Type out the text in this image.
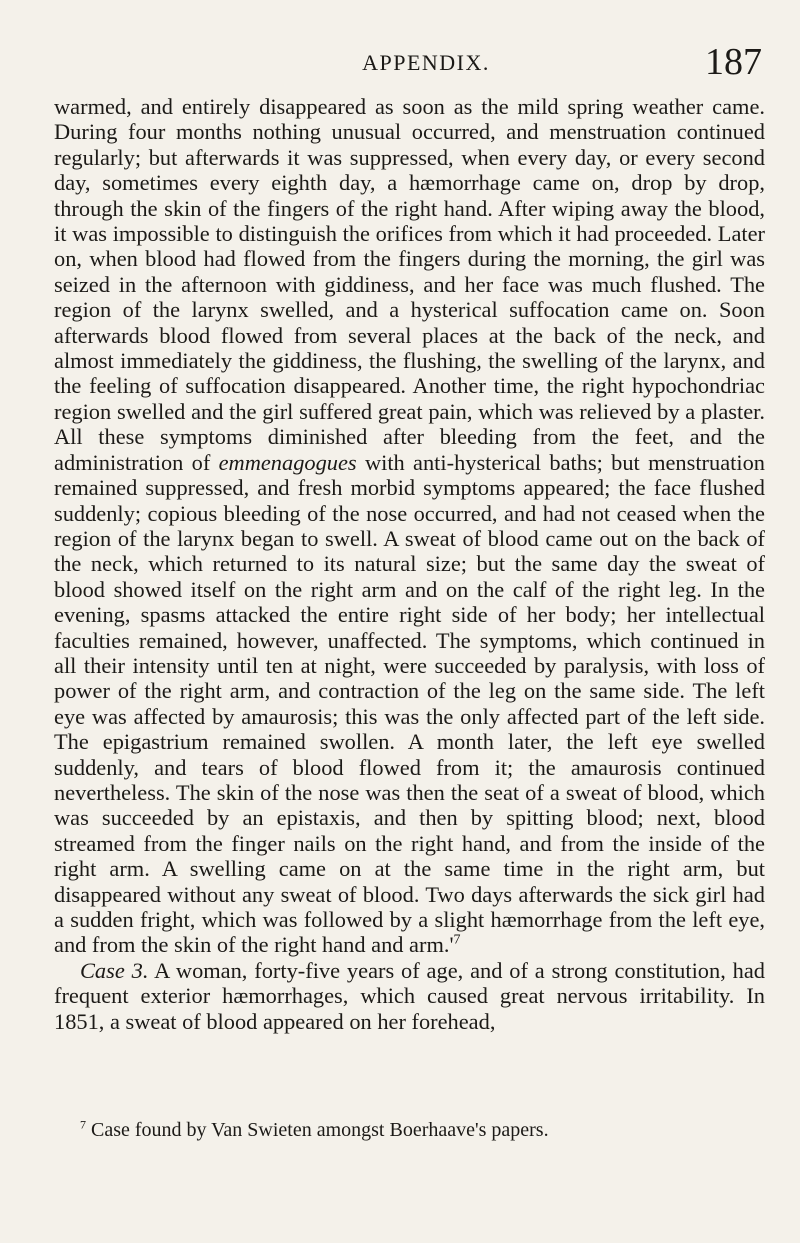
APPENDIX.	187

warmed, and entirely disappeared as soon as the mild spring weather came. During four months nothing unusual occurred, and menstruation continued regularly; but afterwards it was suppressed, when every day, or every second day, sometimes every eighth day, a hæmorrhage came on, drop by drop, through the skin of the fingers of the right hand. After wiping away the blood, it was impossible to distinguish the orifices from which it had proceeded. Later on, when blood had flowed from the fingers during the morning, the girl was seized in the afternoon with giddiness, and her face was much flushed. The region of the larynx swelled, and a hysterical suffocation came on. Soon afterwards blood flowed from several places at the back of the neck, and almost immediately the giddiness, the flushing, the swelling of the larynx, and the feeling of suffocation disappeared. Another time, the right hypochondriac region swelled and the girl suffered great pain, which was relieved by a plaster. All these symptoms diminished after bleeding from the feet, and the administration of emmenagogues with anti-hysterical baths; but menstruation remained suppressed, and fresh morbid symptoms appeared; the face flushed suddenly; copious bleeding of the nose occurred, and had not ceased when the region of the larynx began to swell. A sweat of blood came out on the back of the neck, which returned to its natural size; but the same day the sweat of blood showed itself on the right arm and on the calf of the right leg. In the evening, spasms attacked the entire right side of her body; her intellectual faculties remained, however, unaffected. The symptoms, which continued in all their intensity until ten at night, were succeeded by paralysis, with loss of power of the right arm, and contraction of the leg on the same side. The left eye was affected by amaurosis; this was the only affected part of the left side. The epigastrium remained swollen. A month later, the left eye swelled suddenly, and tears of blood flowed from it; the amaurosis continued nevertheless. The skin of the nose was then the seat of a sweat of blood, which was succeeded by an epistaxis, and then by spitting blood; next, blood streamed from the finger nails on the right hand, and from the inside of the right arm. A swelling came on at the same time in the right arm, but disappeared without any sweat of blood. Two days afterwards the sick girl had a sudden fright, which was followed by a slight hæmorrhage from the left eye, and from the skin of the right hand and $arm.'^7$

Case 3. A woman, forty-five years of age, and of a strong constitution, had frequent exterior hæmorrhages, which caused great nervous irritability. In 1851, a sweat of blood appeared on her forehead,

$^7$ Case found by Van Swieten amongst Boerhaave's papers.
